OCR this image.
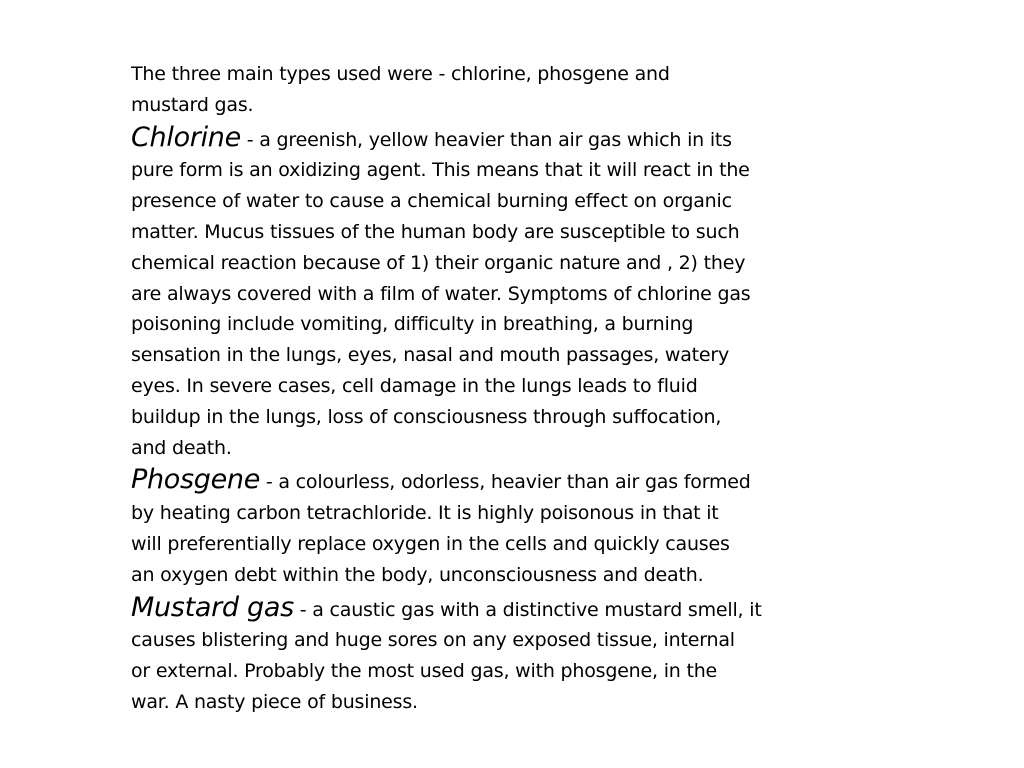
The three main types used were - chlorine, phosgene and
mustard gas.
Chlorine - a greenish, yellow heavier than air gas which in its
pure form is an oxidizing agent. This means that it will react in the
presence of water to cause a chemical burning effect on organic
matter. Mucus tissues of the human body are susceptible to such
chemical reaction because of 1) their organic nature and , 2) they
are always covered with a film of water. Symptoms of chlorine gas
poisoning include vomiting, difficulty in breathing, a burning
sensation in the lungs, eyes, nasal and mouth passages, watery
eyes. In severe cases, cell damage in the lungs leads to fluid
buildup in the lungs, loss of consciousness through suffocation,
and death.
Phosgene - a colourless, odorless, heavier than air gas formed
by heating carbon tetrachloride. It is highly poisonous in that it
will preferentially replace oxygen in the cells and quickly causes
an oxygen debt within the body, unconsciousness and death.
Mustard gas - a caustic gas with a distinctive mustard smell, it
causes blistering and huge sores on any exposed tissue, internal
or external. Probably the most used gas, with phosgene, in the
war. A nasty piece of business.
